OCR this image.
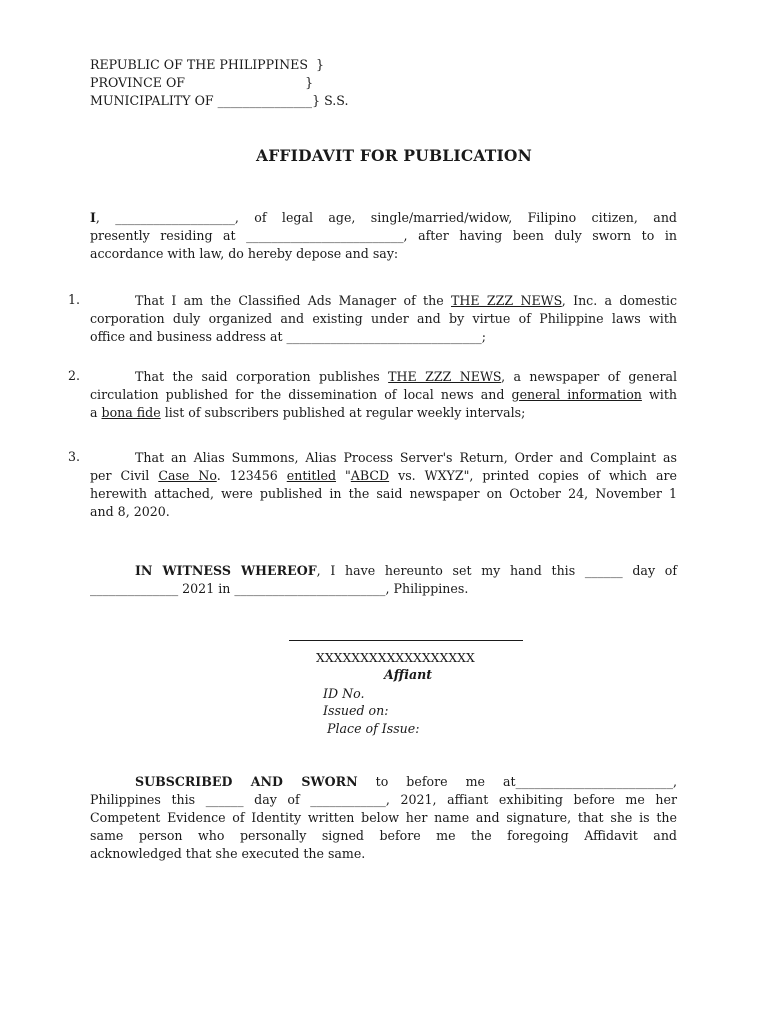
REPUBLIC OF THE PHILIPPINES  }
PROVINCE OF                              }
MUNICIPALITY OF _______________} S.S.
AFFIDAVIT FOR PUBLICATION
I, ___________________, of legal age, single/married/widow, Filipino citizen, and
presently residing at _________________________, after having been duly sworn to in
accordance with law, do hereby depose and say:
1.	That I am the Classified Ads Manager of the THE ZZZ NEWS, Inc. a domestic
corporation duly organized and existing under and by virtue of Philippine laws with
office and business address at _______________________________;
2.	That the said corporation publishes THE ZZZ NEWS, a newspaper of general
circulation published for the dissemination of local news and general information with
a bona fide list of subscribers published at regular weekly intervals;
3.	That an Alias Summons, Alias Process Server's Return, Order and Complaint as
per Civil Case No. 123456 entitled "ABCD vs. WXYZ", printed copies of which are
herewith attached, were published in the said newspaper on October 24, November 1
and 8, 2020.
IN WITNESS WHEREOF, I have hereunto set my hand this ______ day of
______________ 2021 in ________________________, Philippines.
XXXXXXXXXXXXXXXXXX
Affiant
ID No.
Issued on:
Place of Issue:
SUBSCRIBED AND SWORN to before me at_________________________,
Philippines this ______ day of ____________, 2021, affiant exhibiting before me her
Competent Evidence of Identity written below her name and signature, that she is the
same person who personally signed before me the foregoing Affidavit and
acknowledged that she executed the same.
